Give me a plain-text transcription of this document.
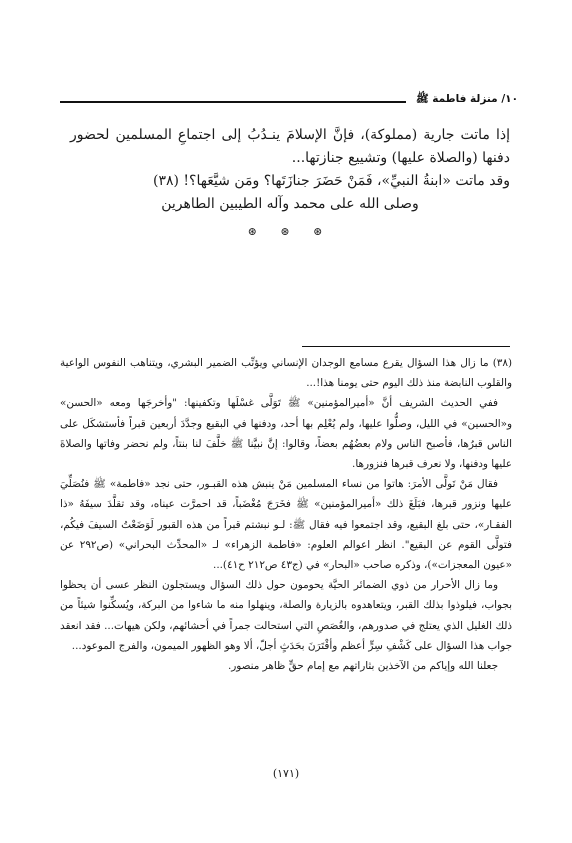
١٠/ منزلة فاطمة ﷺ

إذا ماتت جارية (مملوكة)، فإنَّ الإسلامَ ينـدُبُ إلى اجتماعِ المسلمين لحضور دفنها (والصلاة عليها) وتشييع جنازتها...

وقد ماتت «ابنةُ النبيِّ»، فَمَنْ حَضَرَ جنازَتَها؟ ومَن شيَّعَها؟! (٣٨)

وصلى الله على محمد وآله الطيبين الطاهرين

⊛ ⊛ ⊛

(٣٨) ما زال هذا السؤال يقرع مسامع الوجدان الإنساني ويؤنِّب الضمير البشري، ويتناهب النفوس الواعية والقلوب النابضة منذ ذلك اليوم حتى يومنا هذا!...

ففي الحديث الشريف أنَّ «أميرالمؤمنين» ﷺ تَوَلَّى غسْلَها وتكفينها: "وأخرجَها ومعه «الحسن» و«الحسين» في الليل، وصلُّوا عليها، ولم يُعْلِم بها أحد، ودفنها في البقيع وجدَّدَ أربعين قبراً فأستشكَل على الناس قبرُها، فأصبح الناس ولام بعضُهُم بعضاً، وقالوا: إنَّ نبيَّنا ﷺ خلَّفَ لنا بنتاً، ولم نحضر وفاتها والصلاةَ عليها ودفنها، ولا نعرف قبرها فنزورها.

فقال مَنْ تَولَّى الأمرَ: هاتوا من نساء المسلمين مَنْ ينبش هذه القبـور، حتى نجد «فاطمة» ﷺ فنُصَلِّيَ عليها ونزور قبرها، فبَلَغَ ذلك «أميرالمؤمنين» ﷺ فخَرَجَ مُغْضَباً، قد احمرَّت عيناه، وقد تقلَّدَ سيفَهُ «ذا الفقـار»، حتى بلغ البقيع، وقد اجتمعوا فيه فقال ﷺ: لـو نبشتم قبراً من هذه القبور لَوَضَعْتُ السيفَ فيكُم، فتولَّى القوم عن البقيع". انظر اعوالم العلوم: «فاطمة الزهراء» لـ «المحدِّث البحراني» (ص٢٩٢ عن «عيون المعجزات»)، وذكره صاحب «البحار» في (ج٤٣ ص٢١٢ ح٤١)...

وما زال الأحرار من ذوي الضمائر الحيَّة يحومون حول ذلك السؤال ويستجلون النظر عسى أن يحظوا بجواب، فيلوذوا بذلك القبر، ويتعاهدوه بالزيارة والصلة، وينهلوا منه ما شاءوا من البركة، ويُسكِّنوا شيئاً من ذلك الغليل الذي يعتلج في صدورهم، والغُصَصِ التي استحالت جمراً في أحشائهم، ولكن هيهات... فقد انعقد جواب هذا السؤال على كَشْفِ سِرٍّ أعظم وأقْتَرَنَ بحَدَثٍ أجلّ، ألا وهو الظهور الميمون، والفرج الموعود...

جعلنا الله وإياكم من الآخذين بثاراتهم مع إمام حقٍّ ظاهر منصور.

(١٧١)
